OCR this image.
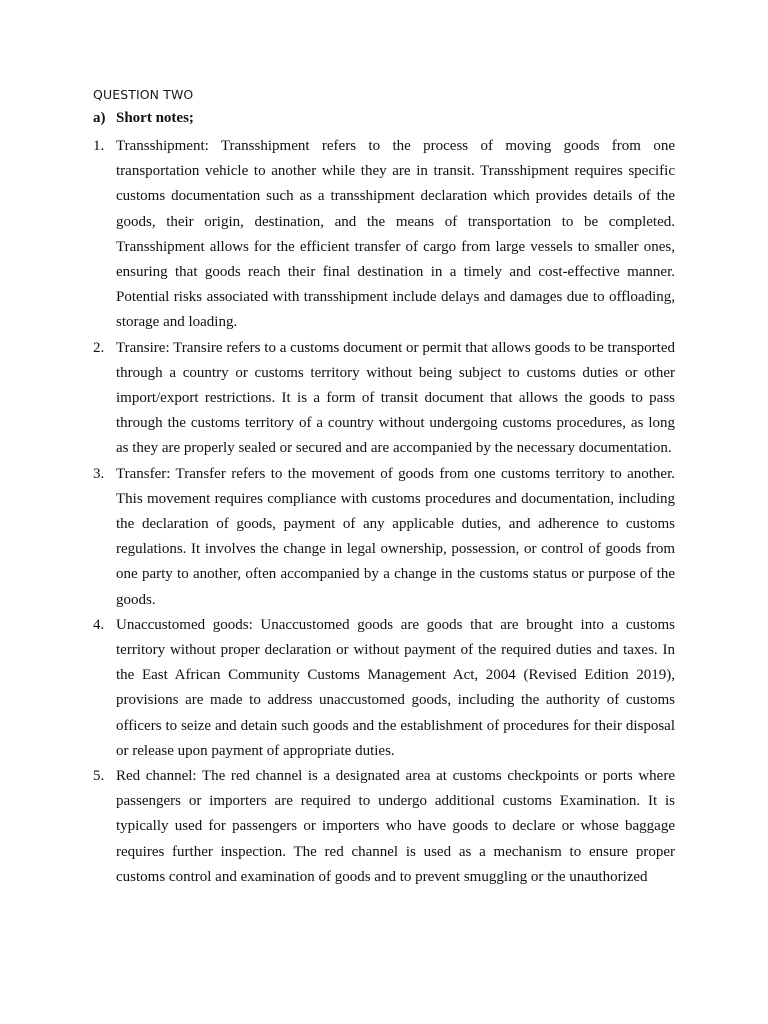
QUESTION TWO
a) Short notes;
1. Transshipment: Transshipment refers to the process of moving goods from one transportation vehicle to another while they are in transit. Transshipment requires specific customs documentation such as a transshipment declaration which provides details of the goods, their origin, destination, and the means of transportation to be completed. Transshipment allows for the efficient transfer of cargo from large vessels to smaller ones, ensuring that goods reach their final destination in a timely and cost-effective manner. Potential risks associated with transshipment include delays and damages due to offloading, storage and loading.
2. Transire: Transire refers to a customs document or permit that allows goods to be transported through a country or customs territory without being subject to customs duties or other import/export restrictions. It is a form of transit document that allows the goods to pass through the customs territory of a country without undergoing customs procedures, as long as they are properly sealed or secured and are accompanied by the necessary documentation.
3. Transfer: Transfer refers to the movement of goods from one customs territory to another. This movement requires compliance with customs procedures and documentation, including the declaration of goods, payment of any applicable duties, and adherence to customs regulations. It involves the change in legal ownership, possession, or control of goods from one party to another, often accompanied by a change in the customs status or purpose of the goods.
4. Unaccustomed goods: Unaccustomed goods are goods that are brought into a customs territory without proper declaration or without payment of the required duties and taxes. In the East African Community Customs Management Act, 2004 (Revised Edition 2019), provisions are made to address unaccustomed goods, including the authority of customs officers to seize and detain such goods and the establishment of procedures for their disposal or release upon payment of appropriate duties.
5. Red channel: The red channel is a designated area at customs checkpoints or ports where passengers or importers are required to undergo additional customs Examination. It is typically used for passengers or importers who have goods to declare or whose baggage requires further inspection. The red channel is used as a mechanism to ensure proper customs control and examination of goods and to prevent smuggling or the unauthorized
